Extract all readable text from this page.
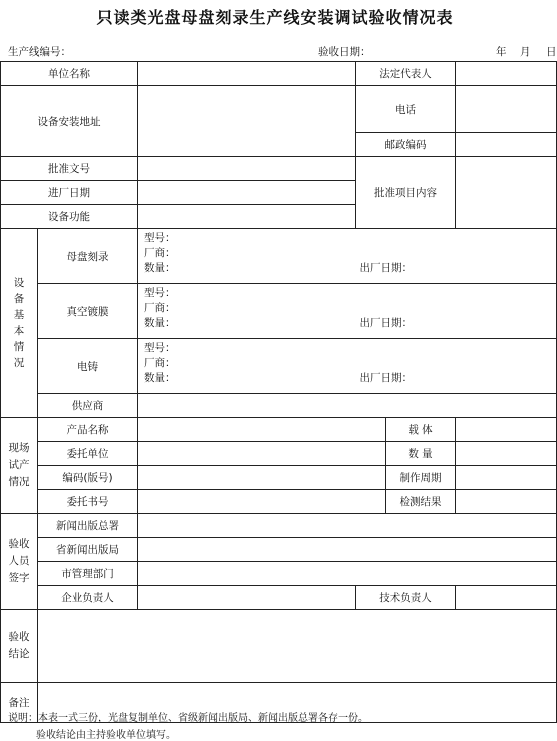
只读类光盘母盘刻录生产线安装调试验收情况表
生产线编号：	验收日期：	年 月 日
单位名称			法定代表人		
设备安装地址			电话		
			邮政编码		
批准文号			批准项目内容		
进厂日期					
设备功能					

设备基本情况	母盘刻录	型号：
厂商：
数量： 出厂日期：			

	真空镀膜	型号：
厂商：
数量： 出厂日期：			

	电铸	型号：
厂商：
数量： 出厂日期：			

	供应商				

现场试产情况	产品名称			载 体	
	委托单位			数 量	
	编码(版号)			制作周期	
	委托书号			检测结果	

验收人员签字	新闻出版总署				
	省新闻出版局				
	市管理部门				
	企业负责人		技术负责人		

验收结论					

备注					
说明：本表一式三份，光盘复制单位、省级新闻出版局、新闻出版总署各存一份。
验收结论由主持验收单位填写。
